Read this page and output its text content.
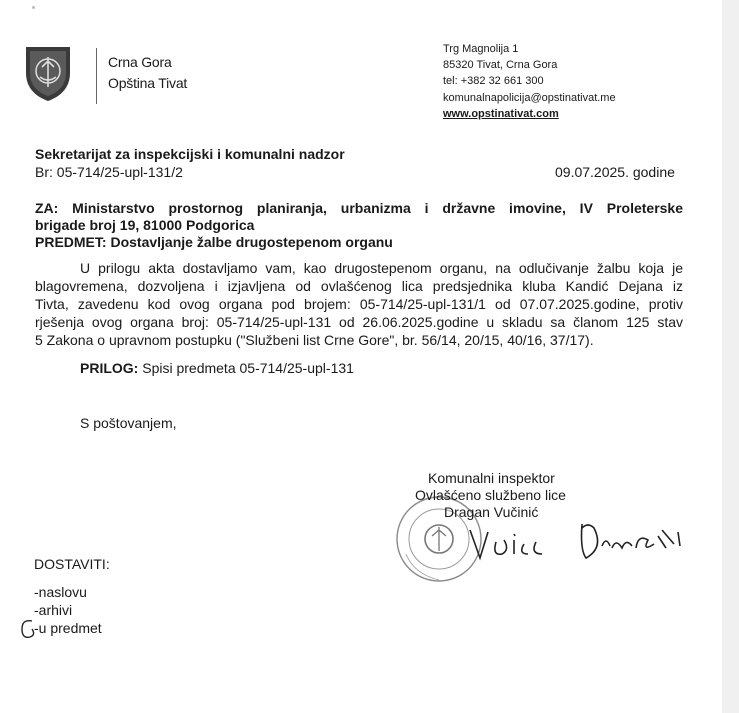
Crna Gora
Opština Tivat
Trg Magnolija 1
85320 Tivat, Crna Gora
tel: +382 32 661 300
komunalnapolicija@opstinativat.me
www.opstinativat.com
Sekretarijat za inspekcijski i komunalni nadzor
Br: 05-714/25-upl-131/2	09.07.2025. godine
ZA: Ministarstvo prostornog planiranja, urbanizma i državne imovine, IV Proleterske
brigade broj 19, 81000 Podgorica
PREDMET: Dostavljanje žalbe drugostepenom organu
U prilogu akta dostavljamo vam, kao drugostepenom organu, na odlučivanje žalbu koja je
blagovremena, dozvoljena i izjavljena od ovlašćenog lica predsjednika kluba Kandić Dejana iz
Tivta, zavedenu kod ovog organa pod brojem: 05-714/25-upl-131/1 od 07.07.2025.godine, protiv
rješenja ovog organa broj: 05-714/25-upl-131 od 26.06.2025.godine u skladu sa članom 125 stav
5 Zakona o upravnom postupku ("Službeni list Crne Gore", br. 56/14, 20/15, 40/16, 37/17).
PRILOG: Spisi predmeta 05-714/25-upl-131
S poštovanjem,
Komunalni inspektor
Ovlašćeno službeno lice
Dragan Vučinić
DOSTAVITI:
-naslovu
-arhivi
-u predmet
